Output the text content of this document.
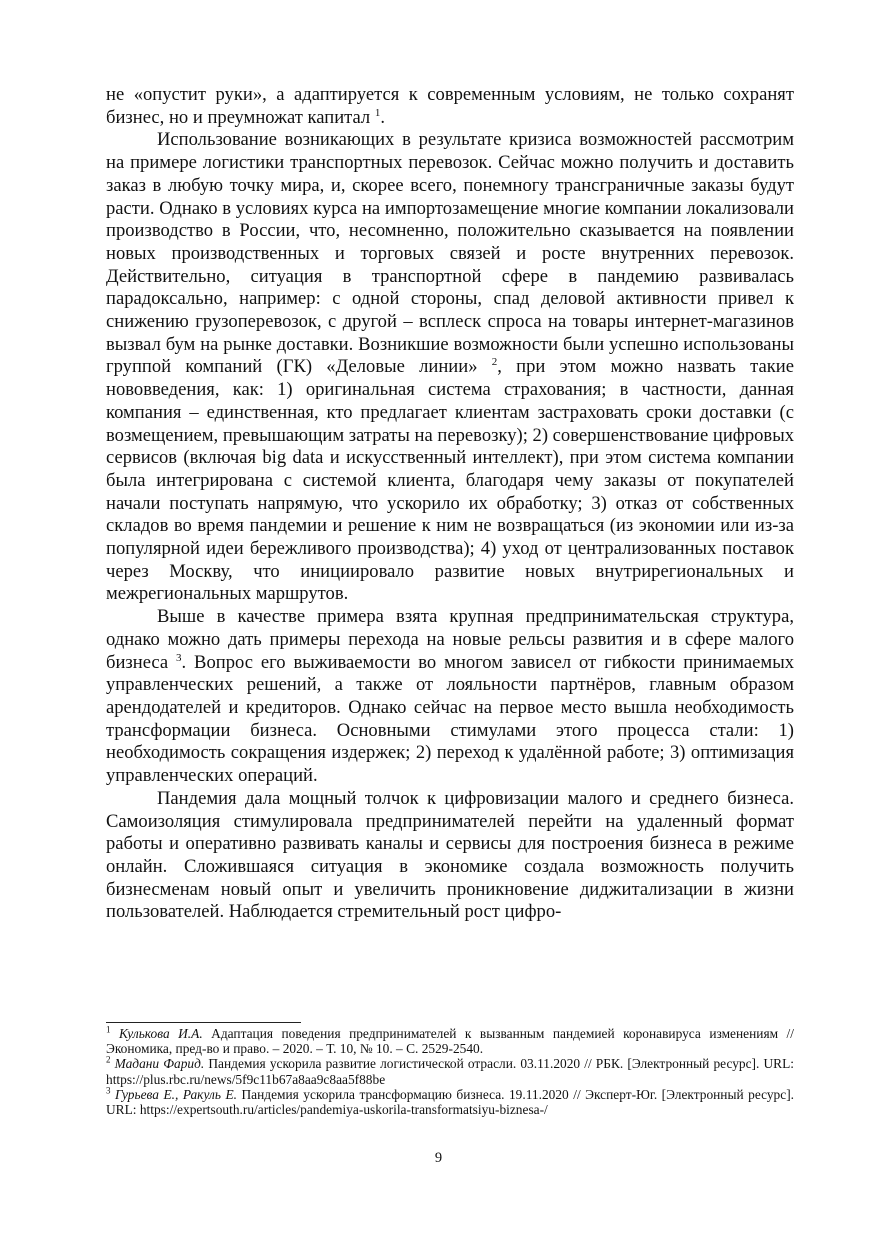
не «опустит руки», а адаптируется к современным условиям, не только сохранят бизнес, но и преумножат капитал $^1$.

Использование возникающих в результате кризиса возможностей рассмотрим на примере логистики транспортных перевозок. Сейчас можно получить и доставить заказ в любую точку мира, и, скорее всего, понемногу трансграничные заказы будут расти. Однако в условиях курса на импортозамещение многие компании локализовали производство в России, что, несомненно, положительно сказывается на появлении новых производственных и торговых связей и росте внутренних перевозок. Действительно, ситуация в транспортной сфере в пандемию развивалась парадоксально, например: с одной стороны, спад деловой активности привел к снижению грузоперевозок, с другой – всплеск спроса на товары интернет-магазинов вызвал бум на рынке доставки. Возникшие возможности были успешно использованы группой компаний (ГК) «Деловые линии» $^2$, при этом можно назвать такие нововведения, как: 1) оригинальная система страхования; в частности, данная компания – единственная, кто предлагает клиентам застраховать сроки доставки (с возмещением, превышающим затраты на перевозку); 2) совершенствование цифровых сервисов (включая big data и искусственный интеллект), при этом система компании была интегрирована с системой клиента, благодаря чему заказы от покупателей начали поступать напрямую, что ускорило их обработку; 3) отказ от собственных складов во время пандемии и решение к ним не возвращаться (из экономии или из-за популярной идеи бережливого производства); 4) уход от централизованных поставок через Москву, что инициировало развитие новых внутрирегиональных и межрегиональных маршрутов.

Выше в качестве примера взята крупная предпринимательская структура, однако можно дать примеры перехода на новые рельсы развития и в сфере малого бизнеса $^3$. Вопрос его выживаемости во многом зависел от гибкости принимаемых управленческих решений, а также от лояльности партнёров, главным образом арендодателей и кредиторов. Однако сейчас на первое место вышла необходимость трансформации бизнеса. Основными стимулами этого процесса стали: 1) необходимость сокращения издержек; 2) переход к удалённой работе; 3) оптимизация управленческих операций.

Пандемия дала мощный толчок к цифровизации малого и среднего бизнеса. Самоизоляция стимулировала предпринимателей перейти на удаленный формат работы и оперативно развивать каналы и сервисы для построения бизнеса в режиме онлайн. Сложившаяся ситуация в экономике создала возможность получить бизнесменам новый опыт и увеличить проникновение диджитализации в жизни пользователей. Наблюдается стремительный рост цифро-

$^1$ Кулькова И.А. Адаптация поведения предпринимателей к вызванным пандемией коронавируса изменениям // Экономика, пред-во и право. – 2020. – Т. 10, № 10. – С. 2529-2540.

$^2$ Мадани Фарид. Пандемия ускорила развитие логистической отрасли. 03.11.2020 // РБК. [Электронный ресурс]. URL: https://plus.rbc.ru/news/5f9c11b67a8aa9c8aa5f88be

$^3$ Гурьева Е., Ракуль Е. Пандемия ускорила трансформацию бизнеса. 19.11.2020 // Эксперт-Юг. [Электронный ресурс]. URL: https://expertsouth.ru/articles/pandemiya-uskorila-transformatsiyu-biznesa-/

9
